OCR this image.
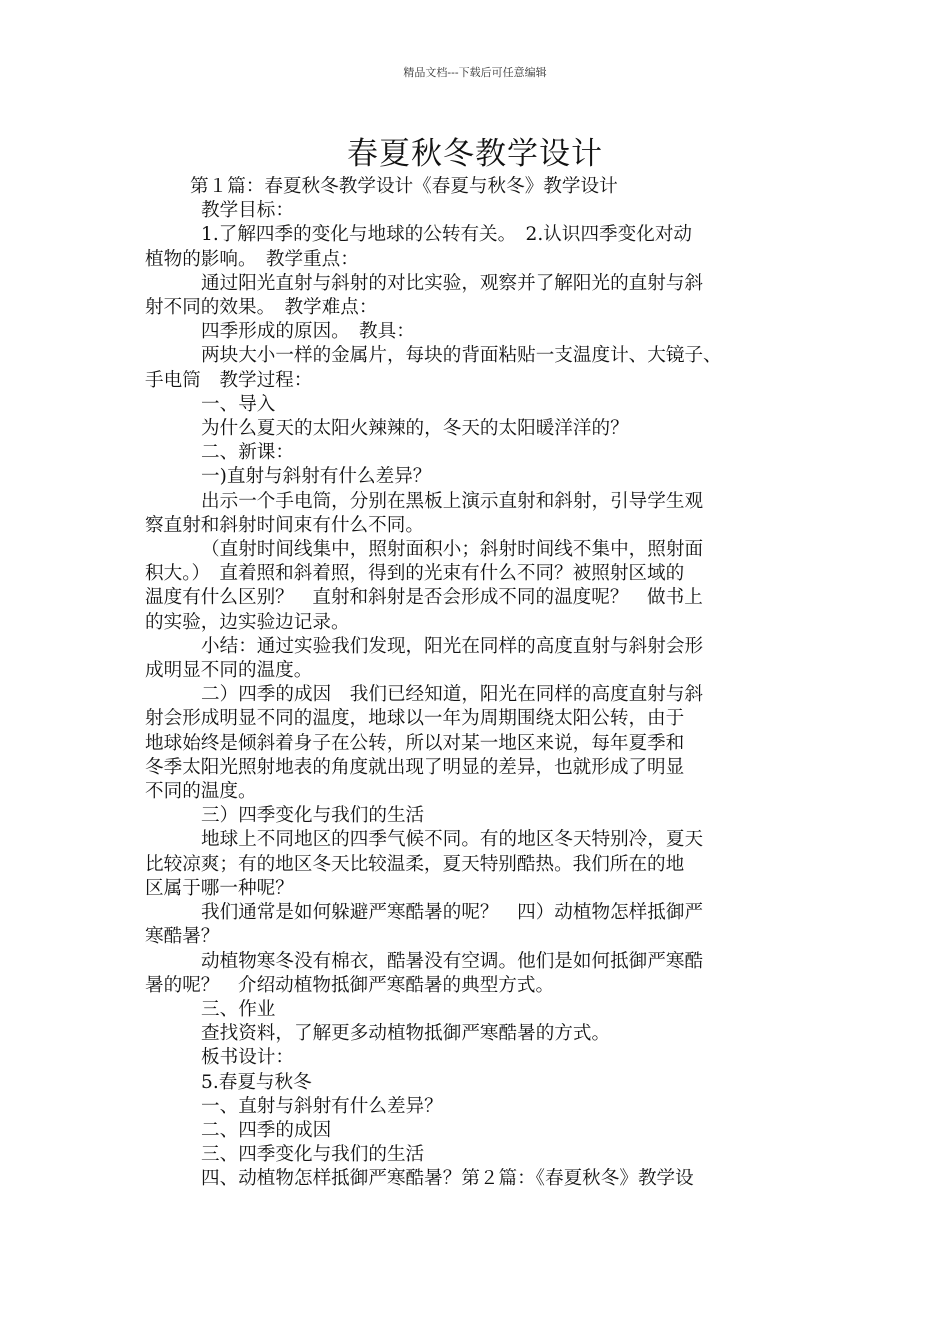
精品文档---下载后可任意编辑
春夏秋冬教学设计

第１篇：春夏秋冬教学设计《春夏与秋冬》教学设计

教学目标：

1.了解四季的变化与地球的公转有关。　2.认识四季变化对动

植物的影响。　教学重点：

通过阳光直射与斜射的对比实验，观察并了解阳光的直射与斜

射不同的效果。　教学难点：

四季形成的原因。　教具：

两块大小一样的金属片，每块的背面粘贴一支温度计、大镜子、

手电筒　教学过程：

一、导入

为什么夏天的太阳火辣辣的，冬天的太阳暖洋洋的？

二、新课：

一)直射与斜射有什么差异？

出示一个手电筒，分别在黑板上演示直射和斜射，引导学生观

察直射和斜射时间束有什么不同。

（直射时间线集中，照射面积小；斜射时间线不集中，照射面

积大。）　直着照和斜着照，得到的光束有什么不同？被照射区域的

温度有什么区别？　直射和斜射是否会形成不同的温度呢？　做书上

的实验，边实验边记录。

小结：通过实验我们发现，阳光在同样的高度直射与斜射会形

成明显不同的温度。

二）四季的成因　我们已经知道，阳光在同样的高度直射与斜

射会形成明显不同的温度，地球以一年为周期围绕太阳公转，由于

地球始终是倾斜着身子在公转，所以对某一地区来说，每年夏季和

冬季太阳光照射地表的角度就出现了明显的差异，也就形成了明显

不同的温度。

三）四季变化与我们的生活

地球上不同地区的四季气候不同。有的地区冬天特别冷，夏天

比较凉爽；有的地区冬天比较温柔，夏天特别酷热。我们所在的地

区属于哪一种呢？

我们通常是如何躲避严寒酷暑的呢？　四）动植物怎样抵御严

寒酷暑？

动植物寒冬没有棉衣，酷暑没有空调。他们是如何抵御严寒酷

暑的呢？　介绍动植物抵御严寒酷暑的典型方式。

三、作业

查找资料，了解更多动植物抵御严寒酷暑的方式。

板书设计：

5.春夏与秋冬

一、直射与斜射有什么差异？

二、四季的成因

三、四季变化与我们的生活

四、动植物怎样抵御严寒酷暑？第２篇：《春夏秋冬》教学设
